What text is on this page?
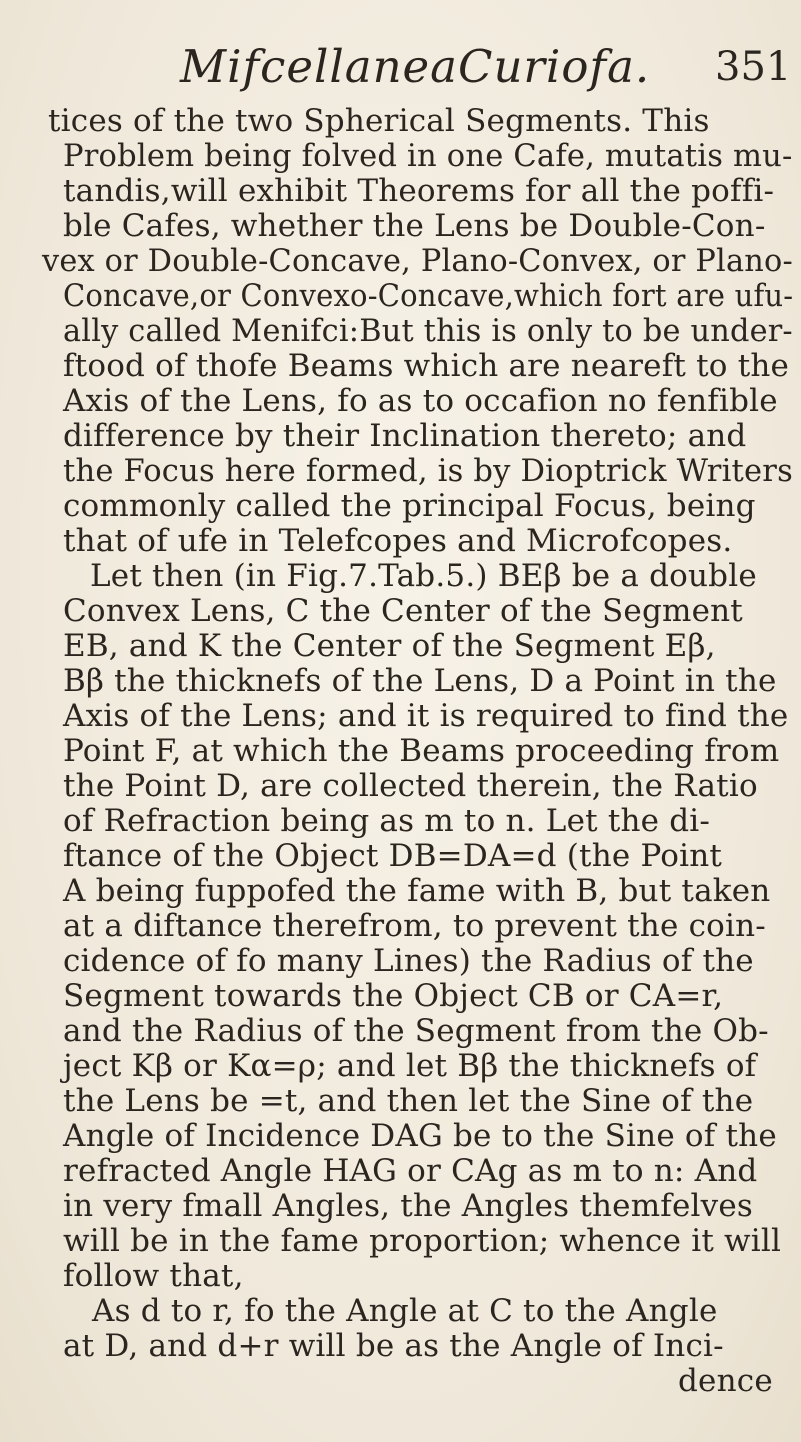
MifcellaneaCuriofa. 351
tices of the two Spherical Segments. This
Problem being folved in one Cafe, mutatis mu-
tandis,will exhibit Theorems for all the poffi-
ble Cafes, whether the Lens be Double-Con-
vex or Double-Concave, Plano-Convex, or Plano-
Concave,or Convexo-Concave,which fort are ufu-
ally called Menifci:But this is only to be under-
ftood of thofe Beams which are neareft to the
Axis of the Lens, fo as to occafion no fenfible
difference by their Inclination thereto; and
the Focus here formed, is by Dioptrick Writers
commonly called the principal Focus, being
that of ufe in Telefcopes and Microfcopes.
Let then (in Fig.7.Tab.5.) BEβ be a double
Convex Lens, C the Center of the Segment
EB, and K the Center of the Segment Eβ,
Bβ the thicknefs of the Lens, D a Point in the
Axis of the Lens; and it is required to find the
Point F, at which the Beams proceeding from
the Point D, are collected therein, the Ratio
of Refraction being as m to n. Let the di-
ftance of the Object DB=DA=d (the Point
A being fuppofed the fame with B, but taken
at a diftance therefrom, to prevent the coin-
cidence of fo many Lines) the Radius of the
Segment towards the Object CB or CA=r,
and the Radius of the Segment from the Ob-
ject Kβ or Kα=ρ; and let Bβ the thicknefs of
the Lens be =t, and then let the Sine of the
Angle of Incidence DAG be to the Sine of the
refracted Angle HAG or CAg as m to n: And
in very fmall Angles, the Angles themfelves
will be in the fame proportion; whence it will
follow that,
As d to r, fo the Angle at C to the Angle
at D, and d+r will be as the Angle of Inci-
dence
